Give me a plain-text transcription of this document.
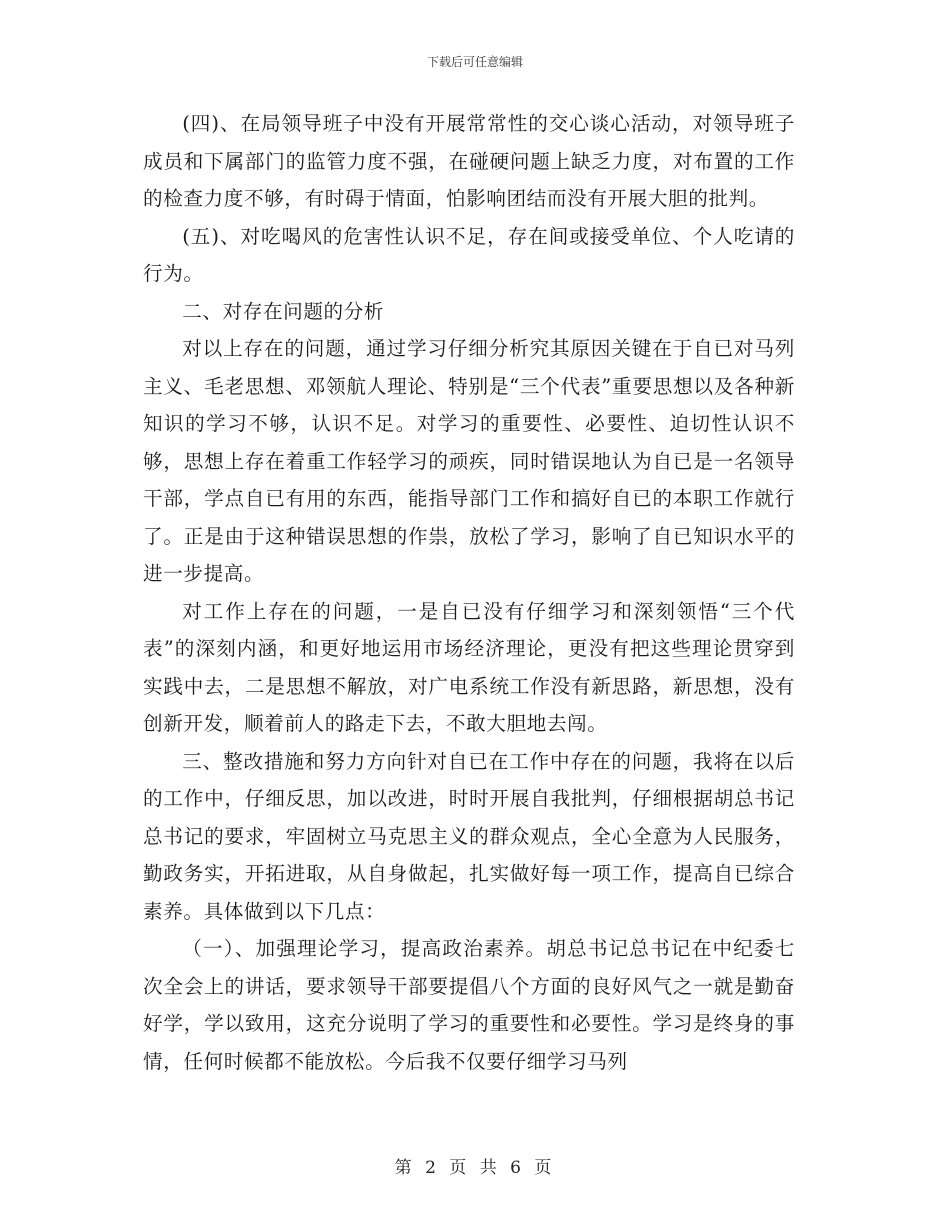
下载后可任意编辑

(四)、在局领导班子中没有开展常常性的交心谈心活动，对领导班子成员和下属部门的监管力度不强，在碰硬问题上缺乏力度，对布置的工作的检查力度不够，有时碍于情面，怕影响团结而没有开展大胆的批判。

(五)、对吃喝风的危害性认识不足，存在间或接受单位、个人吃请的行为。

二、对存在问题的分析

对以上存在的问题，通过学习仔细分析究其原因关键在于自已对马列主义、毛老思想、邓领航人理论、特别是“三个代表”重要思想以及各种新知识的学习不够，认识不足。对学习的重要性、必要性、迫切性认识不够，思想上存在着重工作轻学习的顽疾，同时错误地认为自已是一名领导干部，学点自已有用的东西，能指导部门工作和搞好自已的本职工作就行了。正是由于这种错误思想的作祟，放松了学习，影响了自已知识水平的进一步提高。

对工作上存在的问题，一是自已没有仔细学习和深刻领悟“三个代表”的深刻内涵，和更好地运用市场经济理论，更没有把这些理论贯穿到实践中去，二是思想不解放，对广电系统工作没有新思路，新思想，没有创新开发，顺着前人的路走下去，不敢大胆地去闯。

三、整改措施和努力方向针对自已在工作中存在的问题，我将在以后的工作中，仔细反思，加以改进，时时开展自我批判，仔细根据胡总书记总书记的要求，牢固树立马克思主义的群众观点，全心全意为人民服务，勤政务实，开拓进取，从自身做起，扎实做好每一项工作，提高自已综合素养。具体做到以下几点：

（一）、加强理论学习，提高政治素养。胡总书记总书记在中纪委七次全会上的讲话，要求领导干部要提倡八个方面的良好风气之一就是勤奋好学，学以致用，这充分说明了学习的重要性和必要性。学习是终身的事情，任何时候都不能放松。今后我不仅要仔细学习马列

第 2 页 共 6 页
